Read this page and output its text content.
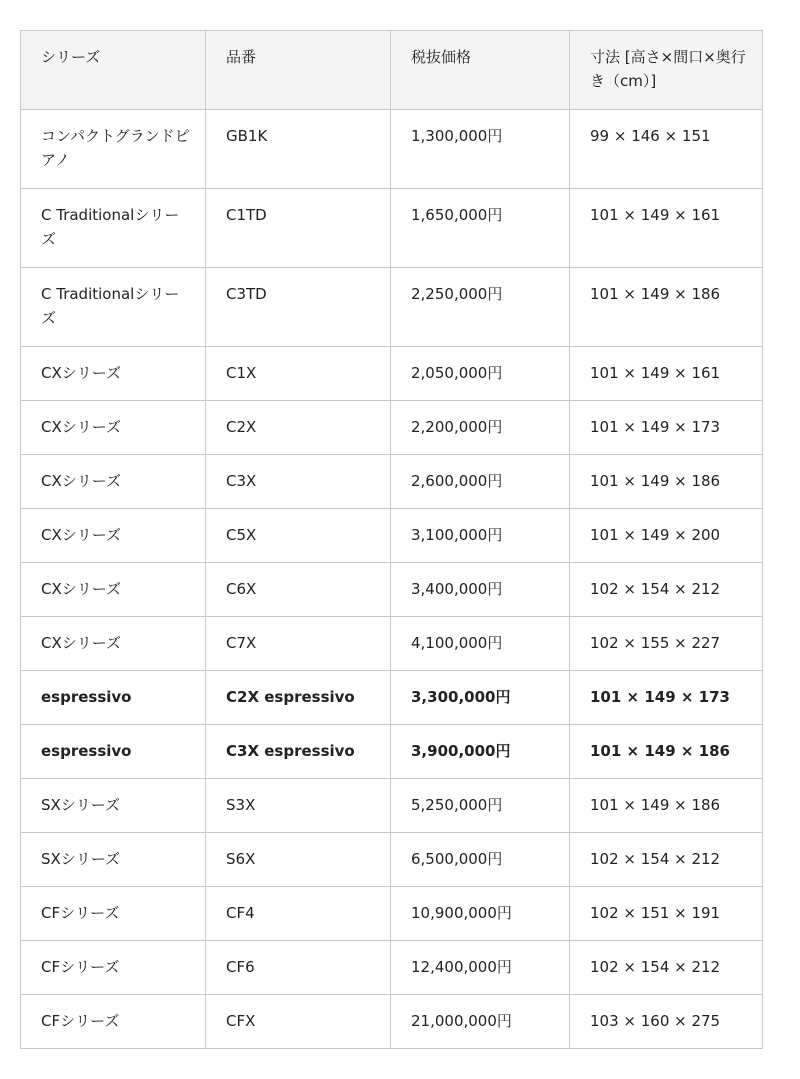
シリーズ	品番	税抜価格	寸法 [高さ×間口×奥行き（cm）]
コンパクトグランドピアノ	GB1K	1,300,000円	99 × 146 × 151
C Traditionalシリーズ	C1TD	1,650,000円	101 × 149 × 161
C Traditionalシリーズ	C3TD	2,250,000円	101 × 149 × 186
CXシリーズ	C1X	2,050,000円	101 × 149 × 161
CXシリーズ	C2X	2,200,000円	101 × 149 × 173
CXシリーズ	C3X	2,600,000円	101 × 149 × 186
CXシリーズ	C5X	3,100,000円	101 × 149 × 200
CXシリーズ	C6X	3,400,000円	102 × 154 × 212
CXシリーズ	C7X	4,100,000円	102 × 155 × 227
espressivo	C2X espressivo	3,300,000円	101 × 149 × 173
espressivo	C3X espressivo	3,900,000円	101 × 149 × 186
SXシリーズ	S3X	5,250,000円	101 × 149 × 186
SXシリーズ	S6X	6,500,000円	102 × 154 × 212
CFシリーズ	CF4	10,900,000円	102 × 151 × 191
CFシリーズ	CF6	12,400,000円	102 × 154 × 212
CFシリーズ	CFX	21,000,000円	103 × 160 × 275
